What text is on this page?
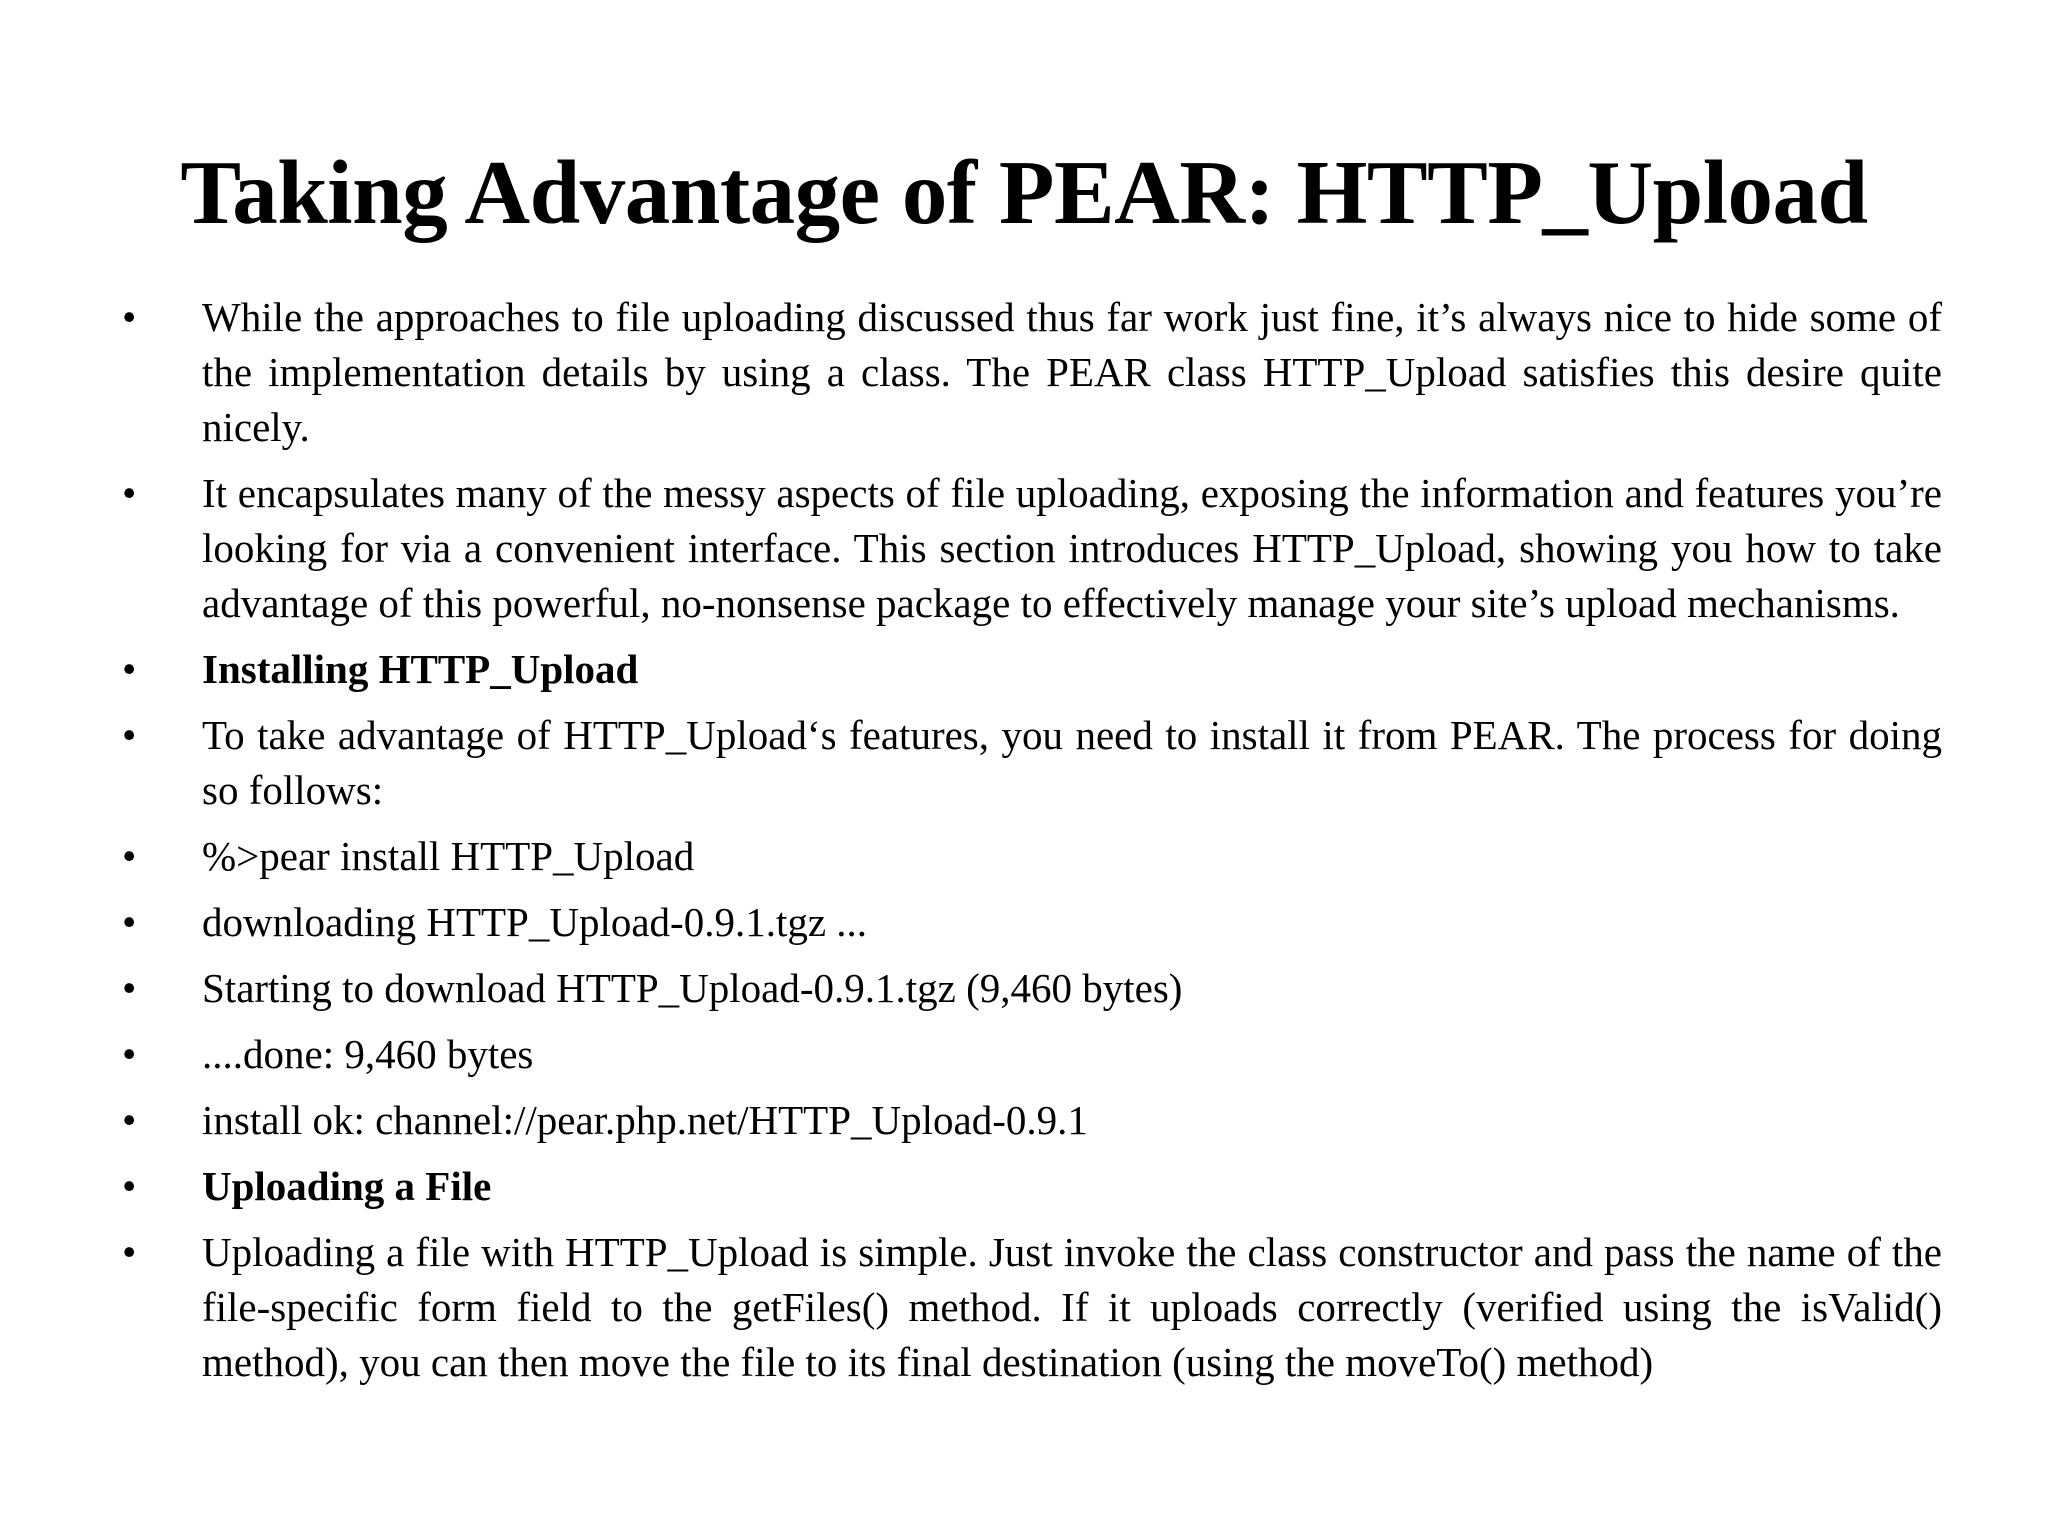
Taking Advantage of PEAR: HTTP_Upload
•	While the approaches to file uploading discussed thus far work just fine, it’s always nice to hide some of the implementation details by using a class. The PEAR class HTTP_Upload satisfies this desire quite nicely.
•	It encapsulates many of the messy aspects of file uploading, exposing the information and features you’re looking for via a convenient interface. This section introduces HTTP_Upload, showing you how to take advantage of this powerful, no-nonsense package to effectively manage your site’s upload mechanisms.
•	Installing HTTP_Upload
•	To take advantage of HTTP_Upload‘s features, you need to install it from PEAR. The process for doing so follows:
•	%>pear install HTTP_Upload
•	downloading HTTP_Upload-0.9.1.tgz ...
•	Starting to download HTTP_Upload-0.9.1.tgz (9,460 bytes)
•	....done: 9,460 bytes
•	install ok: channel://pear.php.net/HTTP_Upload-0.9.1
•	Uploading a File
•	Uploading a file with HTTP_Upload is simple. Just invoke the class constructor and pass the name of the file-specific form field to the getFiles() method. If it uploads correctly (verified using the isValid() method), you can then move the file to its final destination (using the moveTo() method)
